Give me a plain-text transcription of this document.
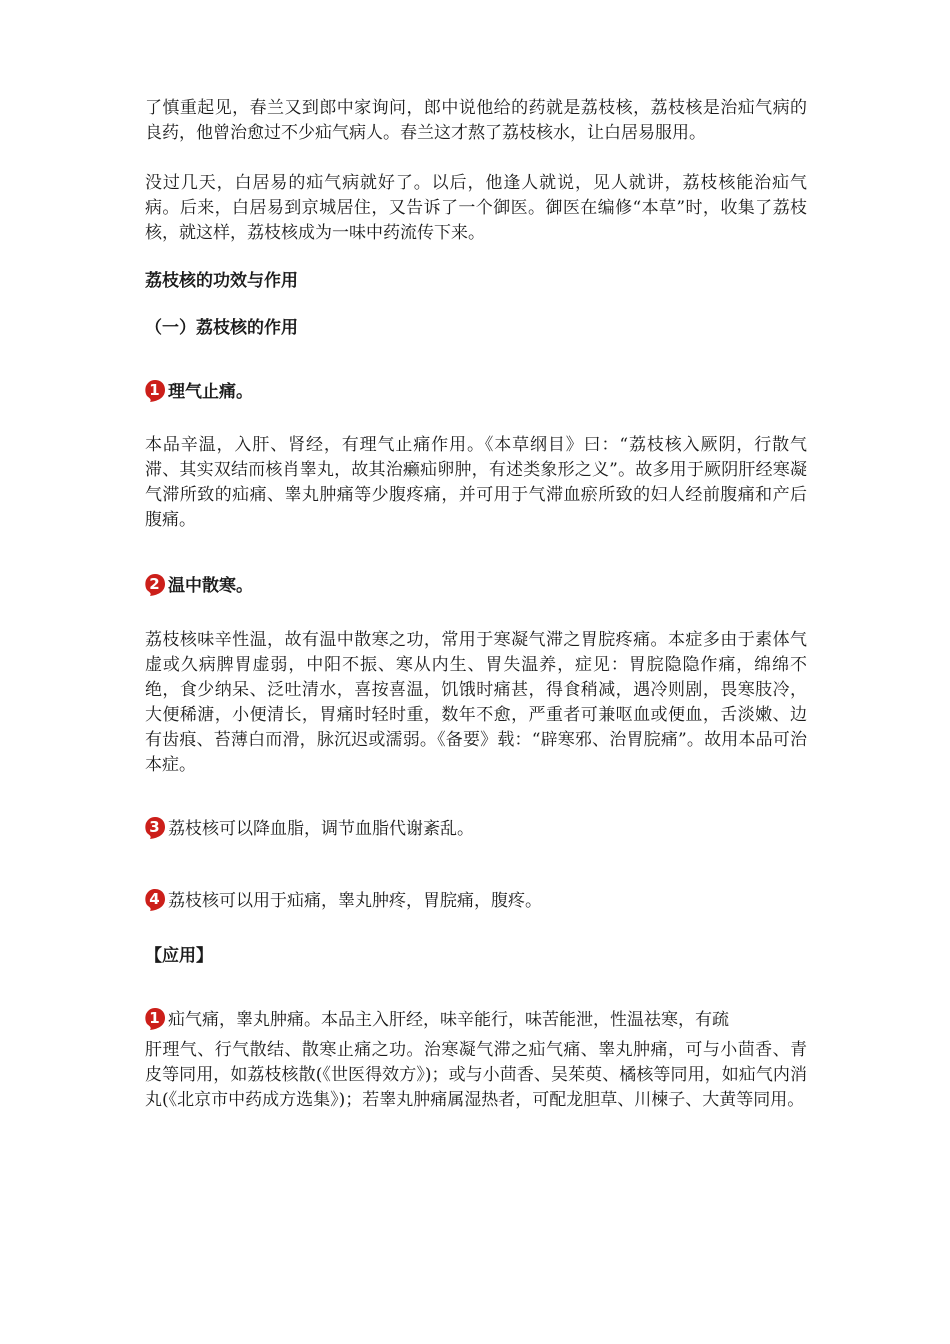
了慎重起见，春兰又到郎中家询问，郎中说他给的药就是荔枝核，荔枝核是治疝气病的良药，他曾治愈过不少疝气病人。春兰这才熬了荔枝核水，让白居易服用。

没过几天，白居易的疝气病就好了。以后，他逢人就说，见人就讲，荔枝核能治疝气病。后来，白居易到京城居住，又告诉了一个御医。御医在编修“本草”时，收集了荔枝核，就这样，荔枝核成为一味中药流传下来。

荔枝核的功效与作用

（一）荔枝核的作用

1 理气止痛。

本品辛温，入肝、肾经，有理气止痛作用。《本草纲目》曰：“荔枝核入厥阴，行散气滞、其实双结而核肖睾丸，故其治癞疝卵肿，有述类象形之义”。故多用于厥阴肝经寒凝气滞所致的疝痛、睾丸肿痛等少腹疼痛，并可用于气滞血瘀所致的妇人经前腹痛和产后腹痛。

2 温中散寒。

荔枝核味辛性温，故有温中散寒之功，常用于寒凝气滞之胃脘疼痛。本症多由于素体气虚或久病脾胃虚弱，中阳不振、寒从内生、胃失温养，症见：胃脘隐隐作痛，绵绵不绝，食少纳呆、泛吐清水，喜按喜温，饥饿时痛甚，得食稍减，遇冷则剧，畏寒肢冷，大便稀溏，小便清长，胃痛时轻时重，数年不愈，严重者可兼呕血或便血，舌淡嫩、边有齿痕、苔薄白而滑，脉沉迟或濡弱。《备要》载：“辟寒邪、治胃脘痛”。故用本品可治本症。

3 荔枝核可以降血脂，调节血脂代谢紊乱。
4 荔枝核可以用于疝痛，睾丸肿疼，胃脘痛，腹疼。

【应用】

1 疝气痛，睾丸肿痛。本品主入肝经，味辛能行，味苦能泄，性温祛寒，有疏

肝理气、行气散结、散寒止痛之功。治寒凝气滞之疝气痛、睾丸肿痛，可与小茴香、青皮等同用，如荔枝核散(《世医得效方》)；或与小茴香、吴茱萸、橘核等同用，如疝气内消丸(《北京市中药成方选集》)；若睾丸肿痛属湿热者，可配龙胆草、川楝子、大黄等同用。
